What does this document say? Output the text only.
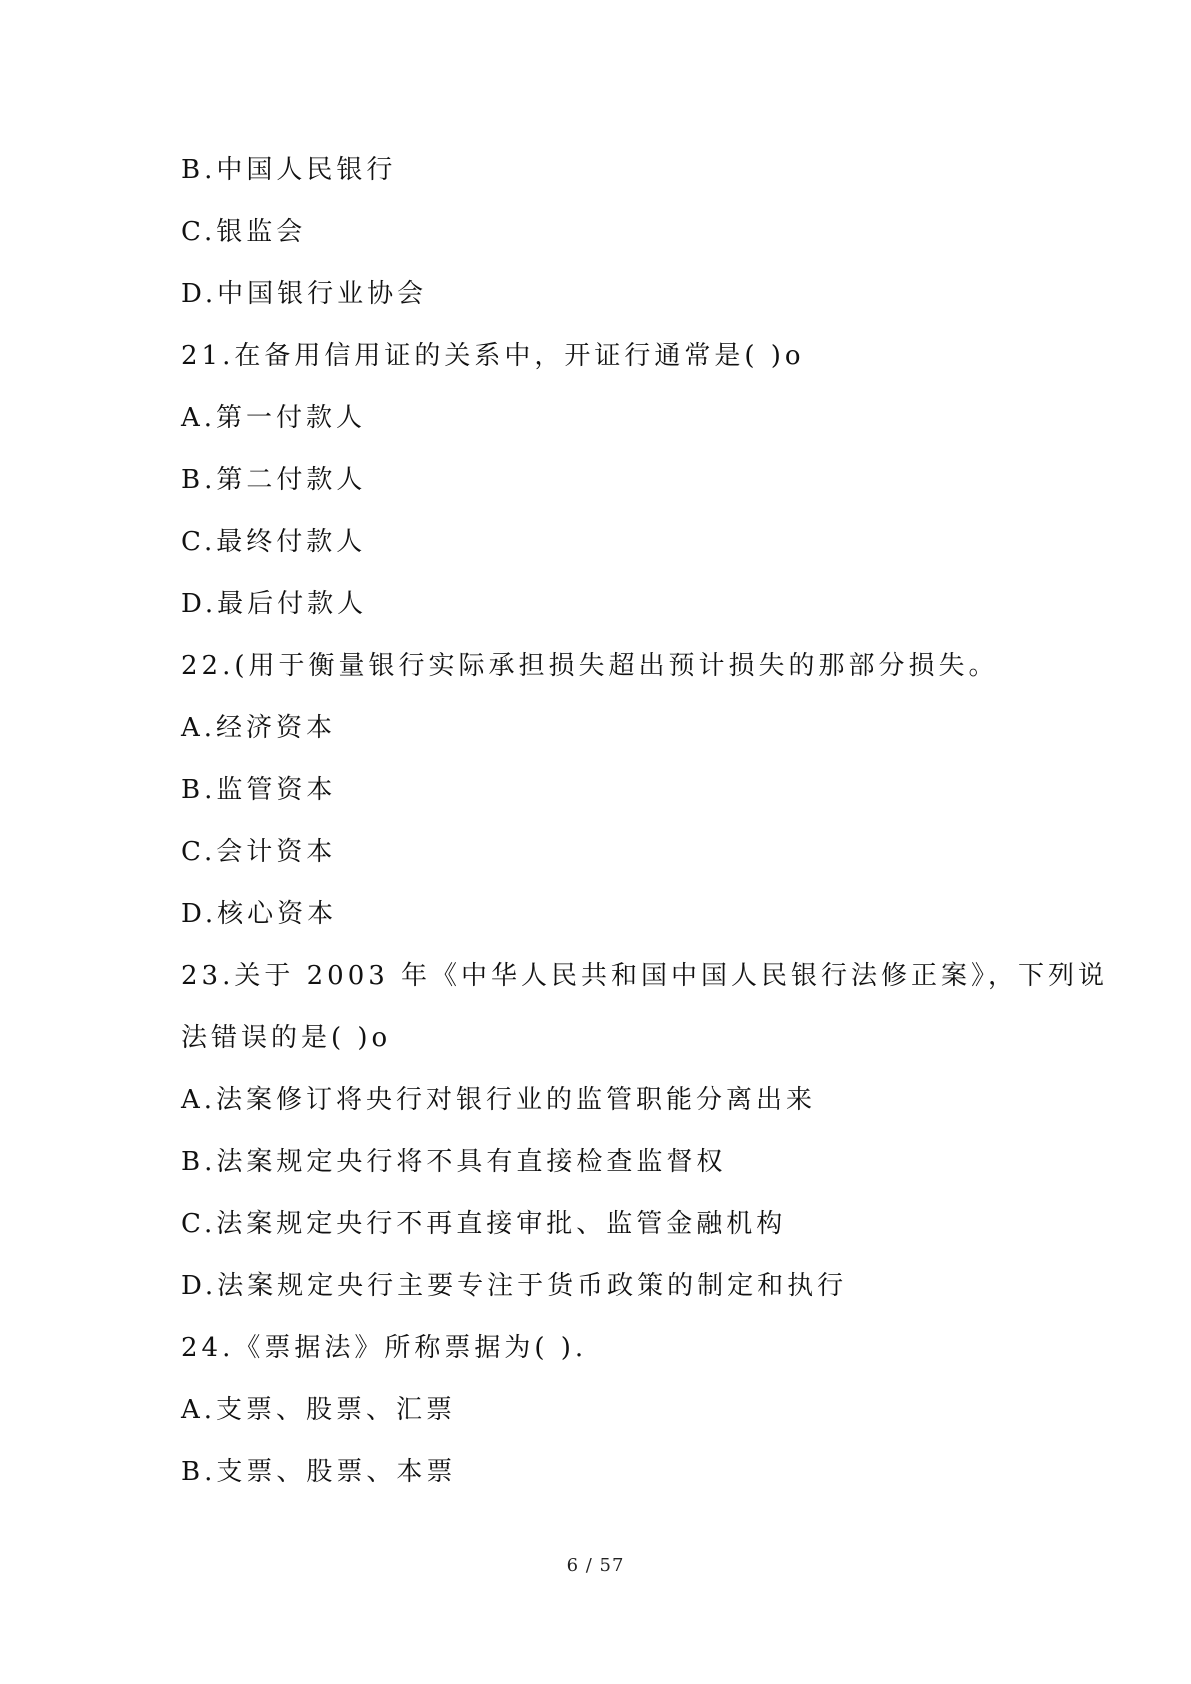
B.中国人民银行
C.银监会
D.中国银行业协会
21.在备用信用证的关系中，开证行通常是( )o
A.第一付款人
B.第二付款人
C.最终付款人
D.最后付款人
22.(用于衡量银行实际承担损失超出预计损失的那部分损失。
A.经济资本
B.监管资本
C.会计资本
D.核心资本
23.关于 2003 年《中华人民共和国中国人民银行法修正案》，下列说
法错误的是( )o
A.法案修订将央行对银行业的监管职能分离出来
B.法案规定央行将不具有直接检查监督权
C.法案规定央行不再直接审批、监管金融机构
D.法案规定央行主要专注于货币政策的制定和执行
24.《票据法》所称票据为( ).
A.支票、股票、汇票
B.支票、股票、本票
6 / 57
